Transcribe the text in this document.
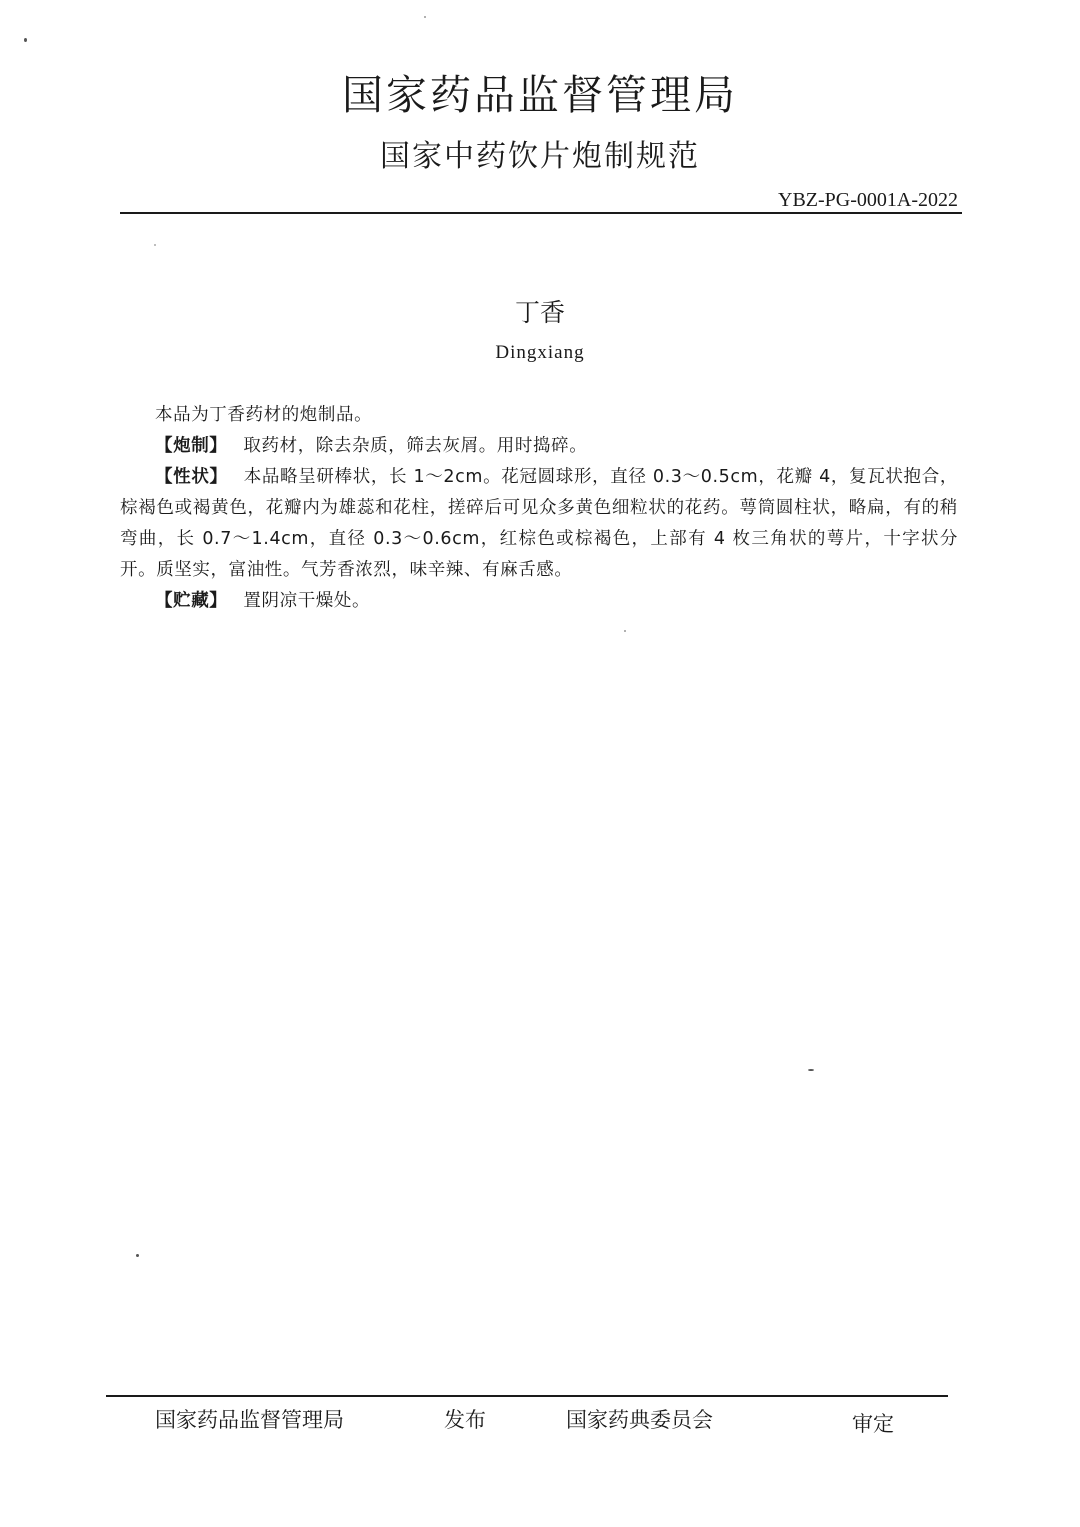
国家药品监督管理局
国家中药饮片炮制规范
YBZ-PG-0001A-2022
丁香
Dingxiang

本品为丁香药材的炮制品。

【炮制】 取药材，除去杂质，筛去灰屑。用时捣碎。

【性状】 本品略呈研棒状，长 1～2cm。花冠圆球形，直径 0.3～0.5cm，花瓣 4，复瓦状抱合，棕褐色或褐黄色，花瓣内为雄蕊和花柱，搓碎后可见众多黄色细粒状的花药。萼筒圆柱状，略扁，有的稍弯曲，长 0.7～1.4cm，直径 0.3～0.6cm，红棕色或棕褐色，上部有 4 枚三角状的萼片，十字状分开。质坚实，富油性。气芳香浓烈，味辛辣、有麻舌感。

【贮藏】 置阴凉干燥处。

国家药品监督管理局	发布	国家药典委员会	审定
